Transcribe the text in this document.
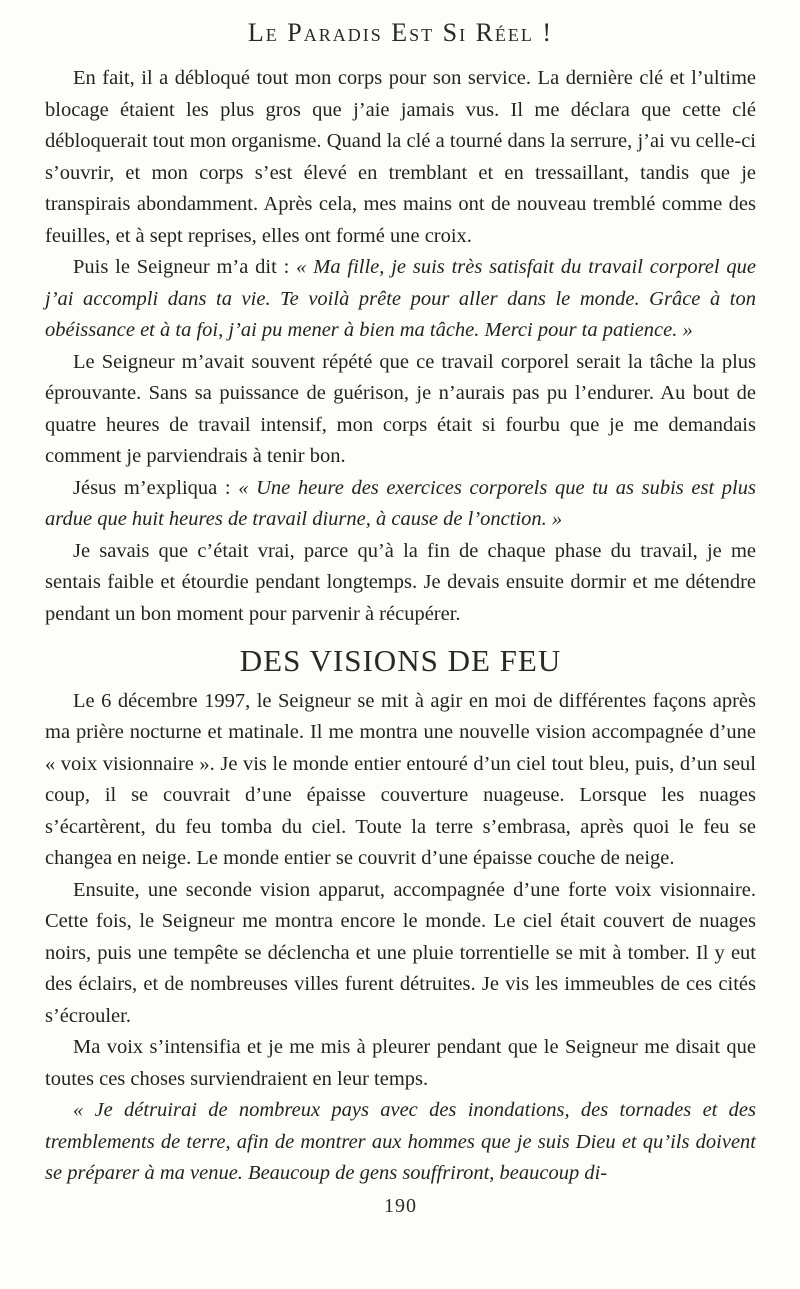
Le Paradis Est Si Réel !

En fait, il a débloqué tout mon corps pour son service. La dernière clé et l’ultime blocage étaient les plus gros que j’aie jamais vus. Il me déclara que cette clé débloquerait tout mon organisme. Quand la clé a tourné dans la serrure, j’ai vu celle-ci s’ouvrir, et mon corps s’est élevé en tremblant et en tressaillant, tandis que je transpirais abondamment. Après cela, mes mains ont de nouveau tremblé comme des feuilles, et à sept reprises, elles ont formé une croix.

Puis le Seigneur m’a dit : « Ma fille, je suis très satisfait du travail corporel que j’ai accompli dans ta vie. Te voilà prête pour aller dans le monde. Grâce à ton obéissance et à ta foi, j’ai pu mener à bien ma tâche. Merci pour ta patience. »

Le Seigneur m’avait souvent répété que ce travail corporel serait la tâche la plus éprouvante. Sans sa puissance de guérison, je n’aurais pas pu l’endurer. Au bout de quatre heures de travail intensif, mon corps était si fourbu que je me demandais comment je parviendrais à tenir bon.

Jésus m’expliqua : « Une heure des exercices corporels que tu as subis est plus ardue que huit heures de travail diurne, à cause de l’onction. »

Je savais que c’était vrai, parce qu’à la fin de chaque phase du travail, je me sentais faible et étourdie pendant longtemps. Je devais ensuite dormir et me détendre pendant un bon moment pour parvenir à récupérer.

DES VISIONS DE FEU

Le 6 décembre 1997, le Seigneur se mit à agir en moi de différentes façons après ma prière nocturne et matinale. Il me montra une nouvelle vision accompagnée d’une « voix visionnaire ». Je vis le monde entier entouré d’un ciel tout bleu, puis, d’un seul coup, il se couvrait d’une épaisse couverture nuageuse. Lorsque les nuages s’écartèrent, du feu tomba du ciel. Toute la terre s’embrasa, après quoi le feu se changea en neige. Le monde entier se couvrit d’une épaisse couche de neige.

Ensuite, une seconde vision apparut, accompagnée d’une forte voix visionnaire. Cette fois, le Seigneur me montra encore le monde. Le ciel était couvert de nuages noirs, puis une tempête se déclencha et une pluie torrentielle se mit à tomber. Il y eut des éclairs, et de nombreuses villes furent détruites. Je vis les immeubles de ces cités s’écrouler.

Ma voix s’intensifia et je me mis à pleurer pendant que le Seigneur me disait que toutes ces choses surviendraient en leur temps.

« Je détruirai de nombreux pays avec des inondations, des tornades et des tremblements de terre, afin de montrer aux hommes que je suis Dieu et qu’ils doivent se préparer à ma venue. Beaucoup de gens souffriront, beaucoup di-

190
